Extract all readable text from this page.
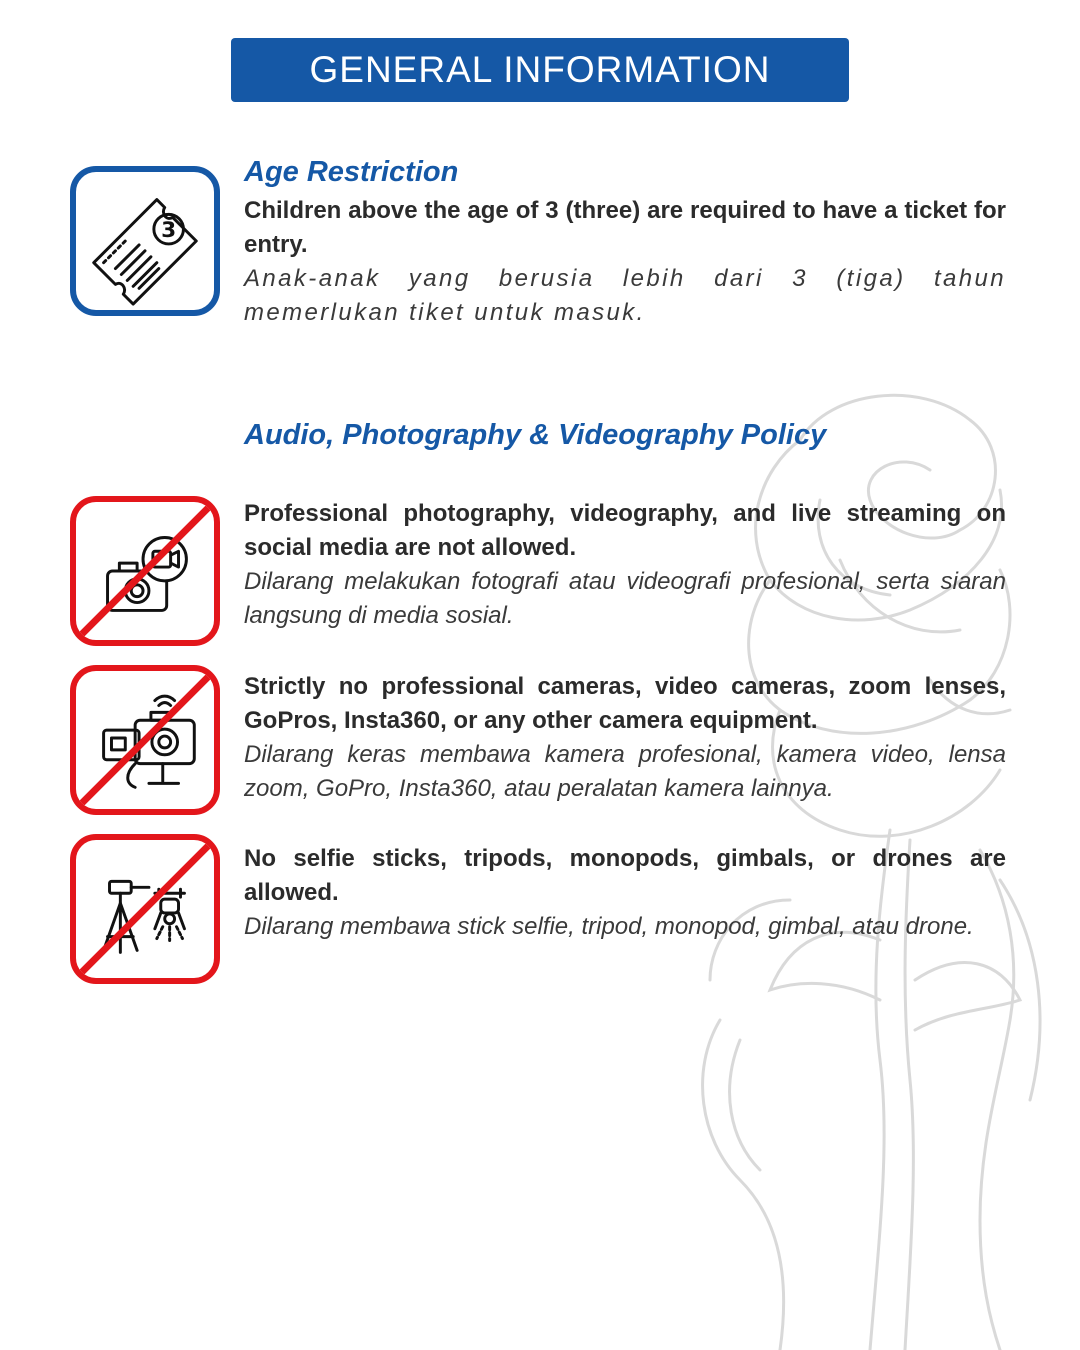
GENERAL INFORMATION
3
Age Restriction

Children above the age of 3 (three) are required to have a ticket for entry.

Anak-anak yang berusia lebih dari 3 (tiga) tahun memerlukan tiket untuk masuk.

Audio, Photography & Videography Policy

Professional photography, videography, and live streaming on social media are not allowed.

Dilarang melakukan fotografi atau videografi profesional, serta siaran langsung di media sosial.

Strictly no professional cameras, video cameras, zoom lenses, GoPros, Insta360, or any other camera equipment.

Dilarang keras membawa kamera profesional, kamera video, lensa zoom, GoPro, Insta360, atau peralatan kamera lainnya.

No selfie sticks, tripods, monopods, gimbals, or drones are allowed.

Dilarang membawa stick selfie, tripod, monopod, gimbal, atau drone.
